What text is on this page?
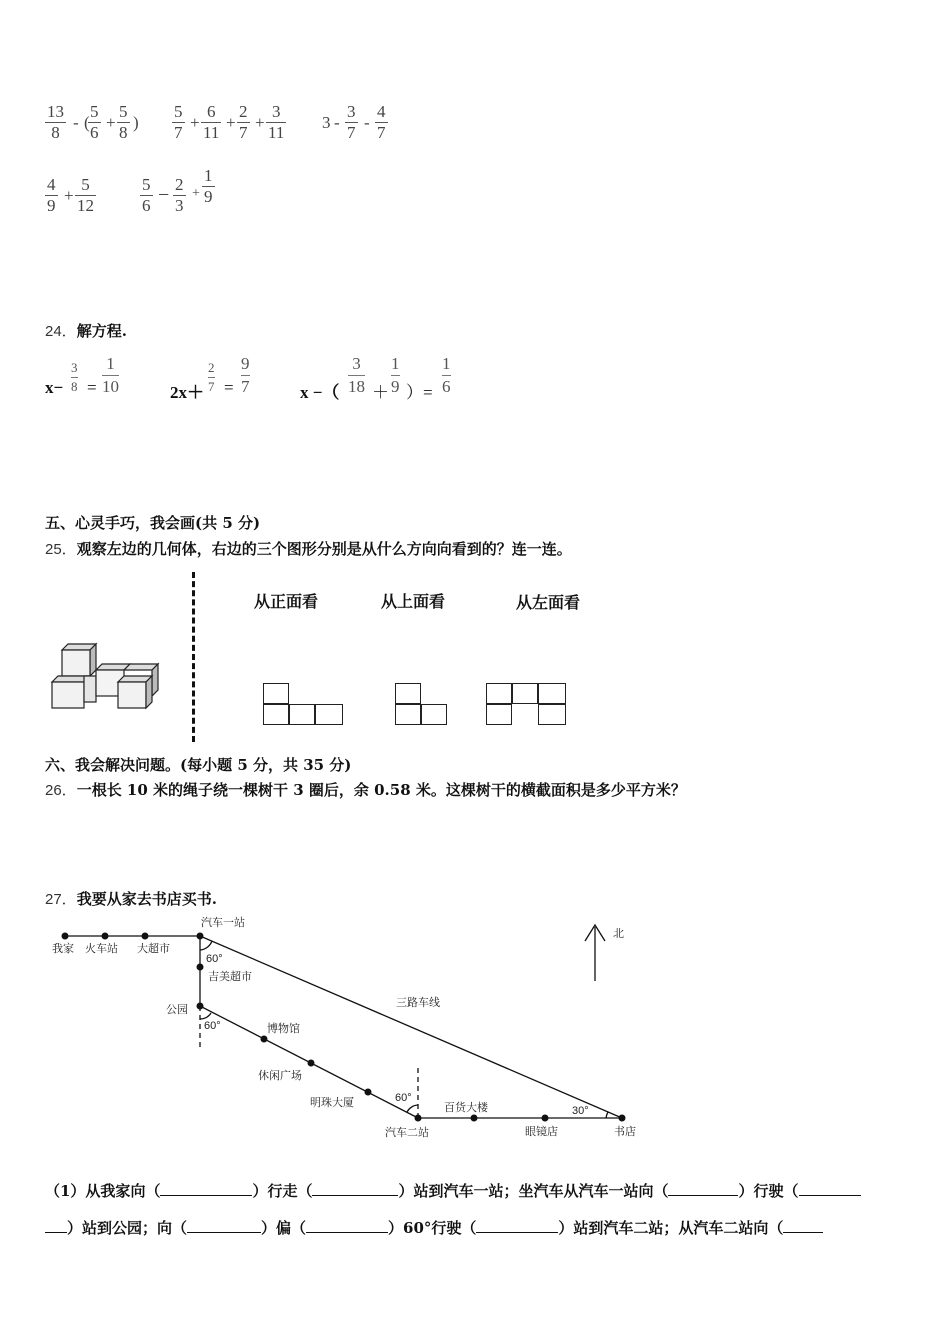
$\frac{13}{8}$ - (
$\frac{5}{6} + \frac{5}{8}$ ) $\frac{5}{7} + \frac{6}{11} + \frac{2}{7} + \frac{3}{11} 3 - \frac{3}{7} - \frac{4}{7}$
$\frac{4}{9} + \frac{5}{12}$	$\frac{5}{6} - \frac{2}{3} + \frac{1}{9}$
24．解方程.
x−
3
8 =
1
10	2x＋
2
7 =
9
7	x −（
3
18 ＋
1
9 ）=
1
6
五、心灵手巧，我会画(共 5 分)
25．观察左边的几何体，右边的三个图形分别是从什么方向向看到的？连一连。
从正面看	从上面看	从左面看
六、我会解决问题。(每小题 5 分，共 35 分)
26．一根长 10 米的绳子绕一棵树干 3 圈后，余 0.58 米。这棵树干的横截面积是多少平方米？
27．我要从家去书店买书.
我家 火车站 大超市
汽车一站
吉美超市
公园
博物馆
休闲广场
明珠大厦
汽车二站
百货大楼
眼镜店	书店
三路车线
60°
60°
60°
30°
北
（1）从我家向（	）行走（	）站到汽车一站；坐汽车从汽车一站向（	）行驶（
）站到公园；向（	）偏（	）60°行驶（	）站到汽车二站；从汽车二站向（
